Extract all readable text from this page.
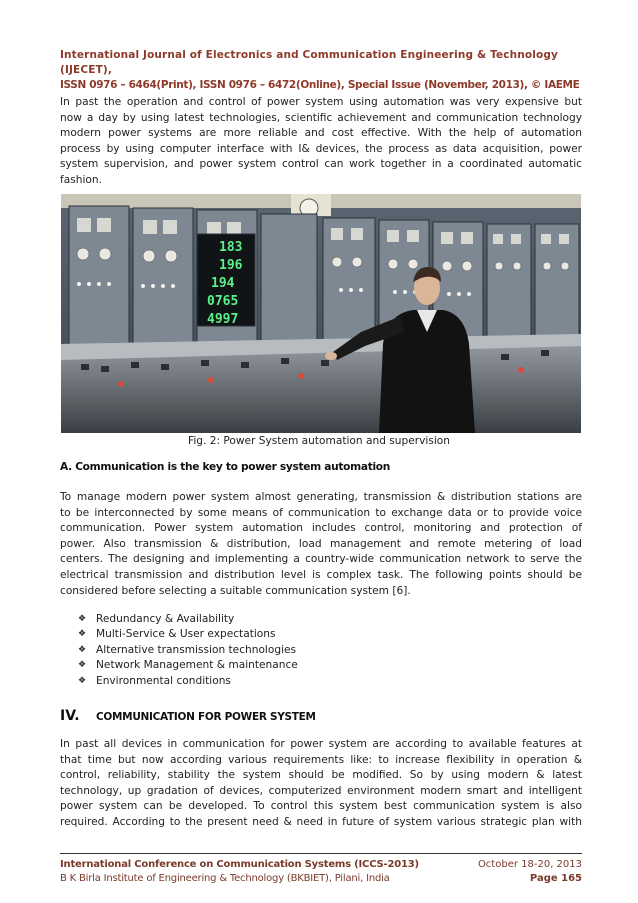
International Journal of Electronics and Communication Engineering & Technology (IJECET),
ISSN 0976 – 6464(Print), ISSN 0976 – 6472(Online), Special Issue (November, 2013), © IAEME
In past the operation and control of power system using automation was very expensive but
now a day by using latest technologies, scientific achievement and communication technology
modern power systems are more reliable and cost effective. With the help of automation
process by using computer interface with I& devices, the process as data acquisition, power
system supervision, and power system control can work together in a coordinated automatic
fashion.
183
196
194
0765
4997
Fig. 2: Power System automation and supervision
A. Communication is the key to power system automation
To manage modern power system almost generating, transmission & distribution stations are
to be interconnected by some means of communication to exchange data or to provide voice
communication. Power system automation includes control, monitoring and protection of
power. Also transmission & distribution, load management and remote metering of load
centers. The designing and implementing a country-wide communication network to serve the
electrical transmission and distribution level is complex task. The following points should be
considered before selecting a suitable communication system [6].
❖ Redundancy & Availability
❖ Multi-Service & User expectations
❖ Alternative transmission technologies
❖ Network Management & maintenance
❖ Environmental conditions
IV. COMMUNICATION FOR POWER SYSTEM
In past all devices in communication for power system are according to available features at
that time but now according various requirements like: to increase flexibility in operation &
control, reliability, stability the system should be modified. So by using modern & latest
technology, up gradation of devices, computerized environment modern smart and intelligent
power system can be developed. To control this system best communication system is also
required. According to the present need & need in future of system various strategic plan with
International Conference on Communication Systems (ICCS-2013)
B K Birla Institute of Engineering & Technology (BKBIET), Pilani, India
October 18-20, 2013
Page 165
